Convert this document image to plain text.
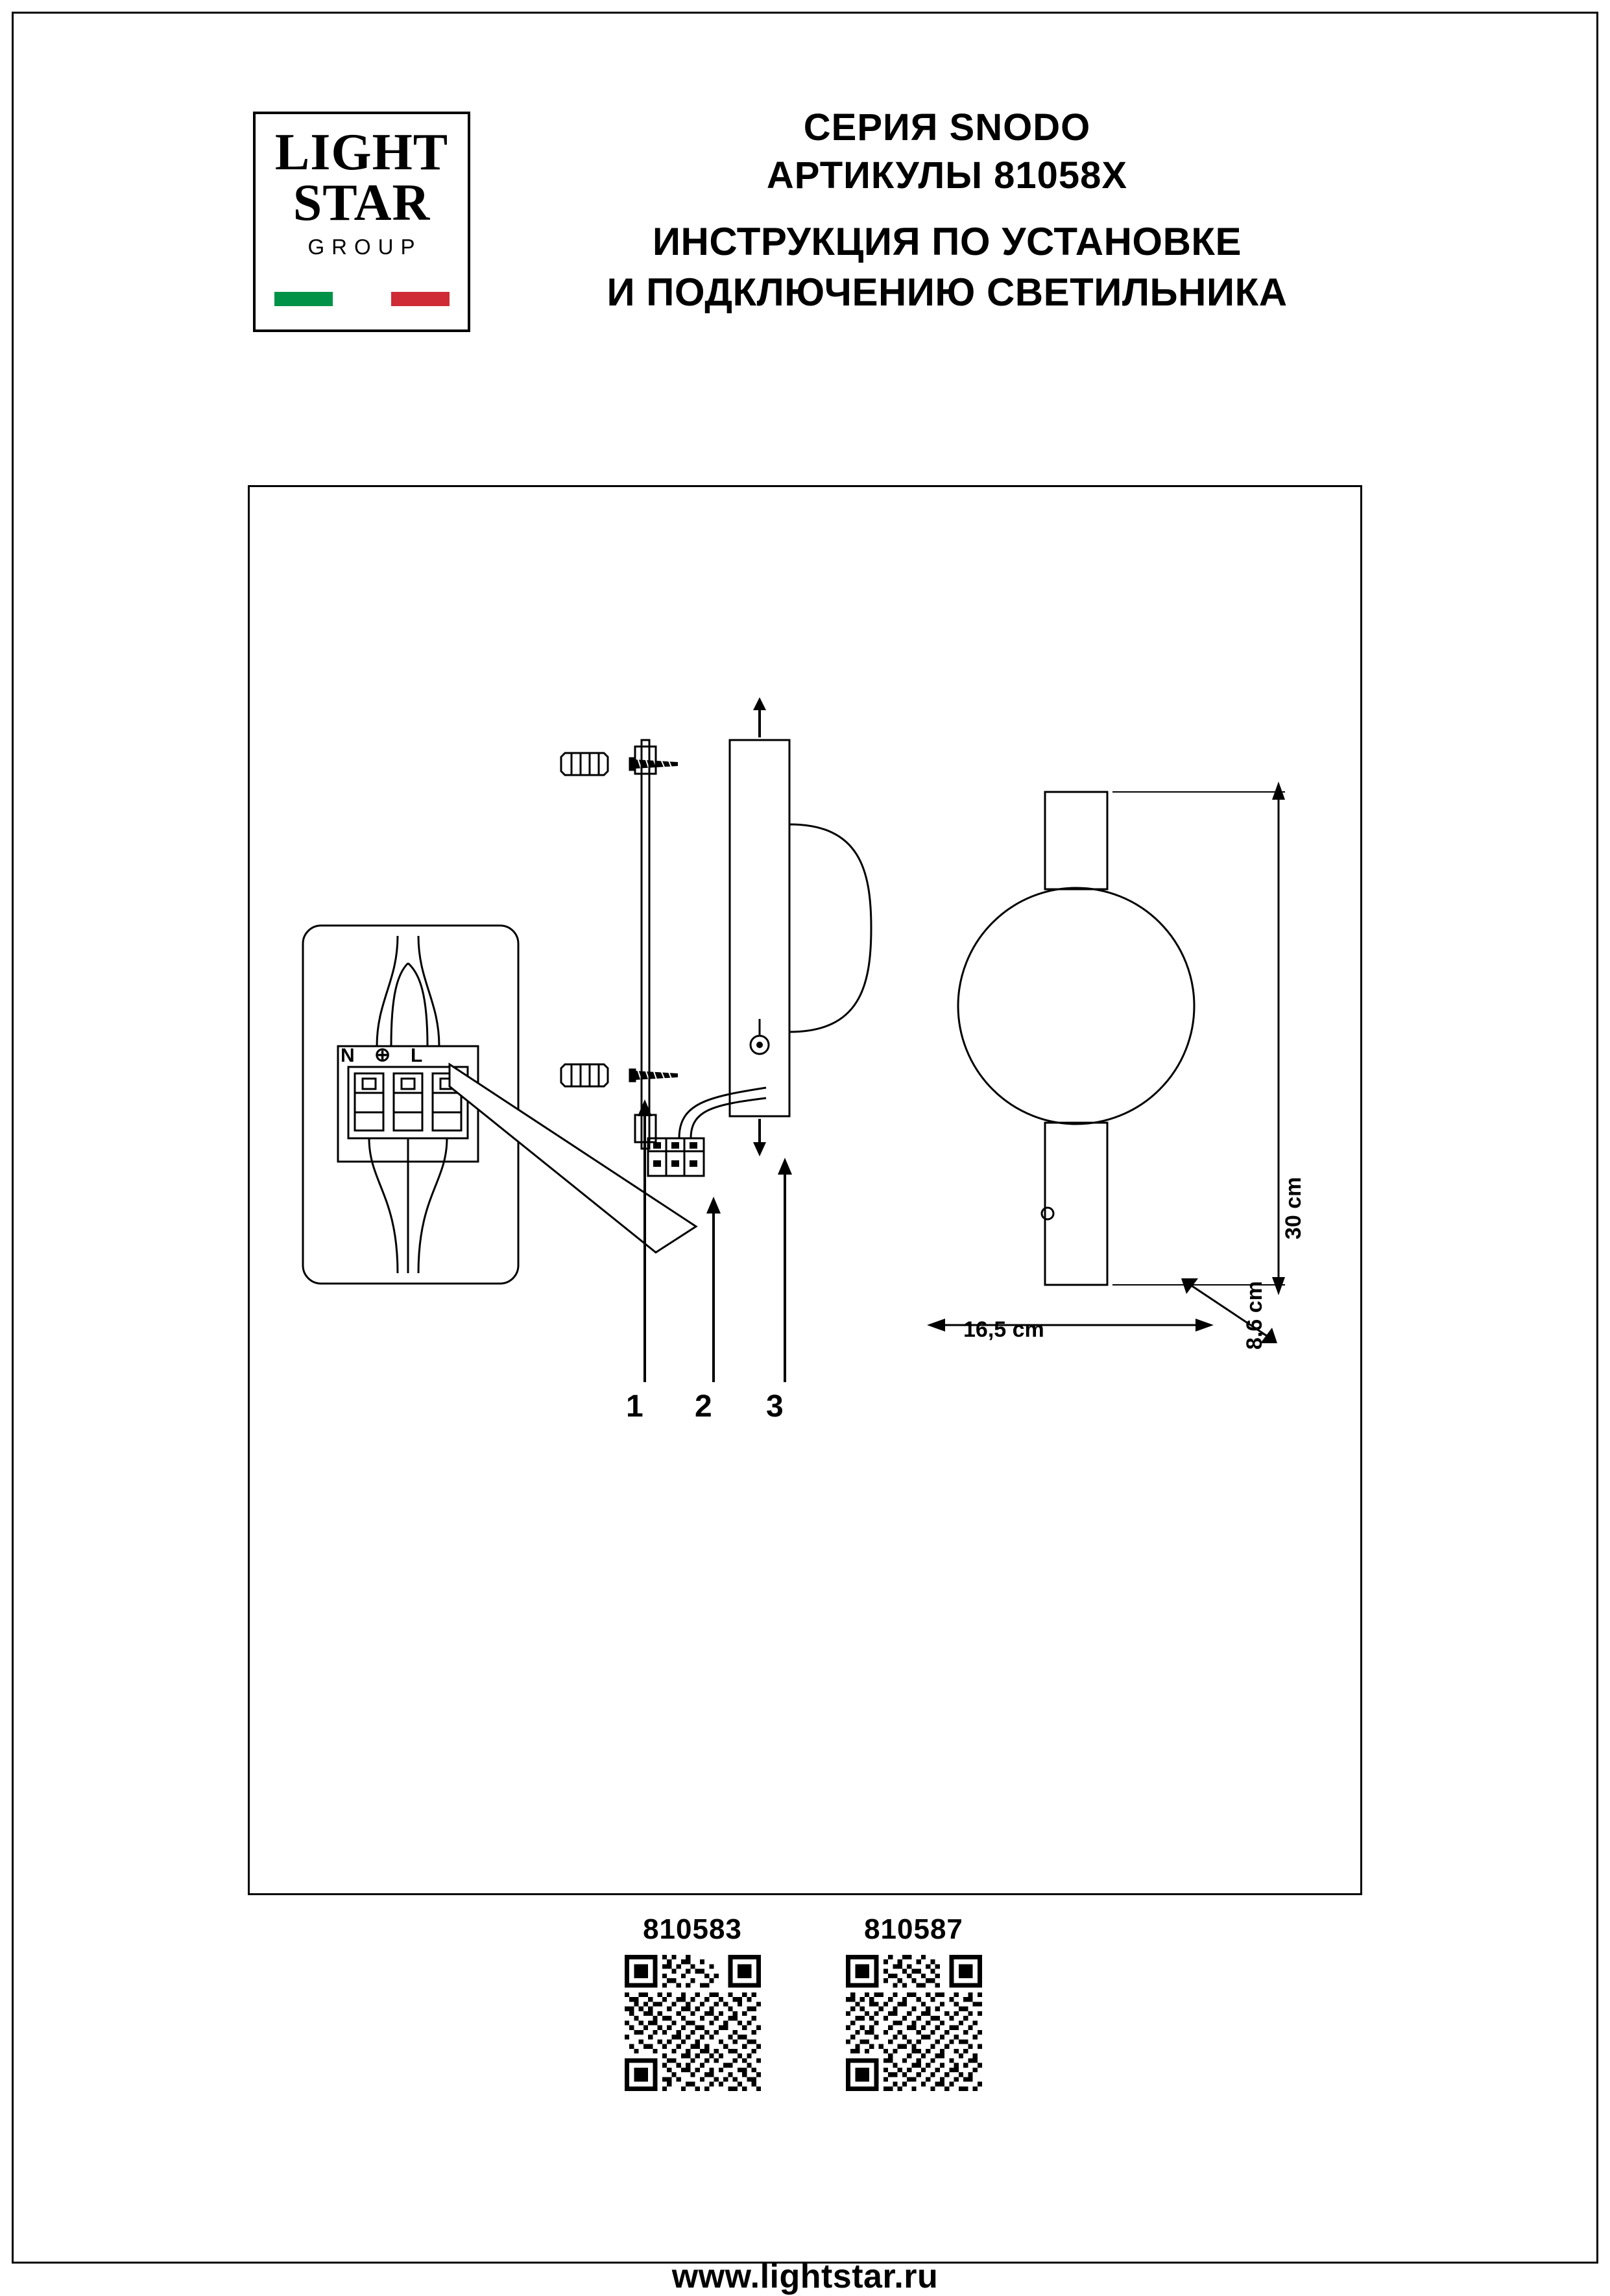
LIGHT
STAR
GROUP
СЕРИЯ SNODO
АРТИКУЛЫ 81058X
ИНСТРУКЦИЯ ПО УСТАНОВКЕ
И ПОДКЛЮЧЕНИЮ СВЕТИЛЬНИКА
N ⊕ L
1 2 3
30 cm
8,6 cm
16,5 cm
810583	810587
www.lightstar.ru
